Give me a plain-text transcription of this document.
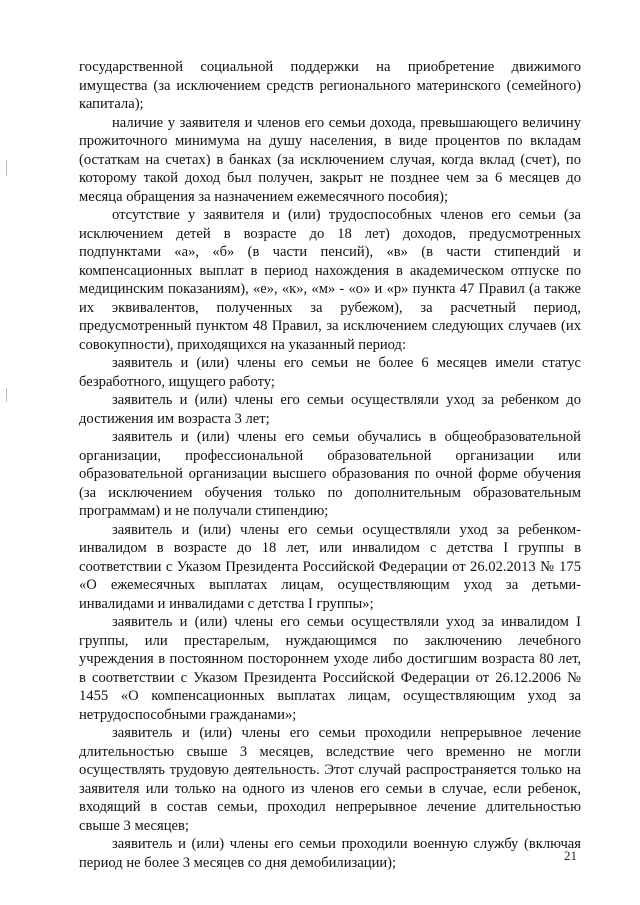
государственной социальной поддержки на приобретение движимого имущества (за исключением средств регионального материнского (семейного) капитала);

наличие у заявителя и членов его семьи дохода, превышающего величину прожиточного минимума на душу населения, в виде процентов по вкладам (остаткам на счетах) в банках (за исключением случая, когда вклад (счет), по которому такой доход был получен, закрыт не позднее чем за 6 месяцев до месяца обращения за назначением ежемесячного пособия);

отсутствие у заявителя и (или) трудоспособных членов его семьи (за исключением детей в возрасте до 18 лет) доходов, предусмотренных подпунктами «а», «б» (в части пенсий), «в» (в части стипендий и компенсационных выплат в период нахождения в академическом отпуске по медицинским показаниям), «е», «к», «м» - «о» и «р» пункта 47 Правил (а также их эквивалентов, полученных за рубежом), за расчетный период, предусмотренный пунктом 48 Правил, за исключением следующих случаев (их совокупности), приходящихся на указанный период:

заявитель и (или) члены его семьи не более 6 месяцев имели статус безработного, ищущего работу;

заявитель и (или) члены его семьи осуществляли уход за ребенком до достижения им возраста 3 лет;

заявитель и (или) члены его семьи обучались в общеобразовательной организации, профессиональной образовательной организации или образовательной организации высшего образования по очной форме обучения (за исключением обучения только по дополнительным образовательным программам) и не получали стипендию;

заявитель и (или) члены его семьи осуществляли уход за ребенком-инвалидом в возрасте до 18 лет, или инвалидом с детства I группы в соответствии с Указом Президента Российской Федерации от 26.02.2013 № 175 «О ежемесячных выплатах лицам, осуществляющим уход за детьми-инвалидами и инвалидами с детства I группы»;

заявитель и (или) члены его семьи осуществляли уход за инвалидом I группы, или престарелым, нуждающимся по заключению лечебного учреждения в постоянном постороннем уходе либо достигшим возраста 80 лет, в соответствии с Указом Президента Российской Федерации от 26.12.2006 № 1455 «О компенсационных выплатах лицам, осуществляющим уход за нетрудоспособными гражданами»;

заявитель и (или) члены его семьи проходили непрерывное лечение длительностью свыше 3 месяцев, вследствие чего временно не могли осуществлять трудовую деятельность. Этот случай распространяется только на заявителя или только на одного из членов его семьи в случае, если ребенок, входящий в состав семьи, проходил непрерывное лечение длительностью свыше 3 месяцев;

заявитель и (или) члены его семьи проходили военную службу (включая период не более 3 месяцев со дня демобилизации);	21
